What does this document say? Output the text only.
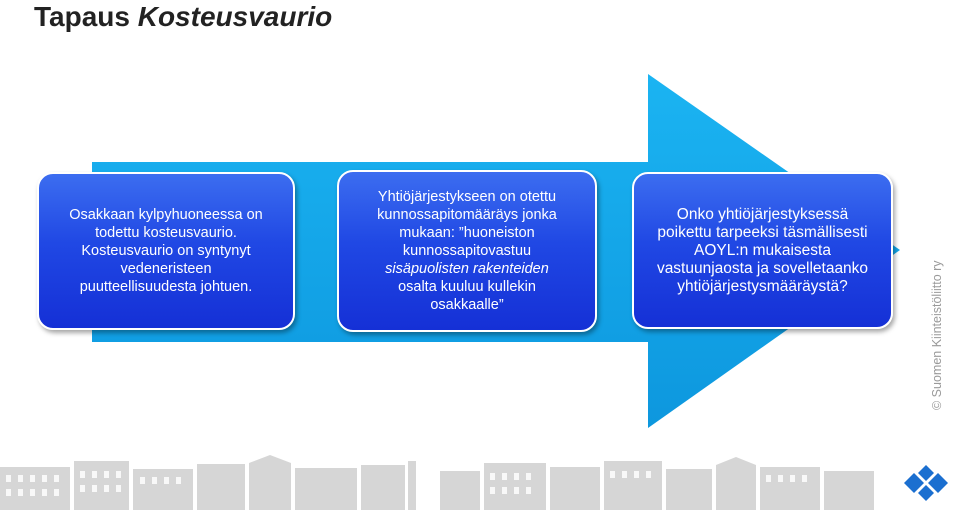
Tapaus Kosteusvaurio

Osakkaan kylpyhuoneessa on
todettu kosteusvaurio.
Kosteusvaurio on syntynyt
vedeneristeen
puutteellisuudesta johtuen.

Yhtiöjärjestykseen on otettu
kunnossapitomääräys jonka
mukaan: ”huoneiston
kunnossapitovastuu
sisäpuolisten rakenteiden
osalta kuuluu kullekin
osakkaalle”

Onko yhtiöjärjestyksessä
poikettu tarpeeksi täsmällisesti
AOYL:n mukaisesta
vastuunjaosta ja sovelletaanko
yhtiöjärjestysmääräystä?	© Suomen Kiinteistöliitto ry
